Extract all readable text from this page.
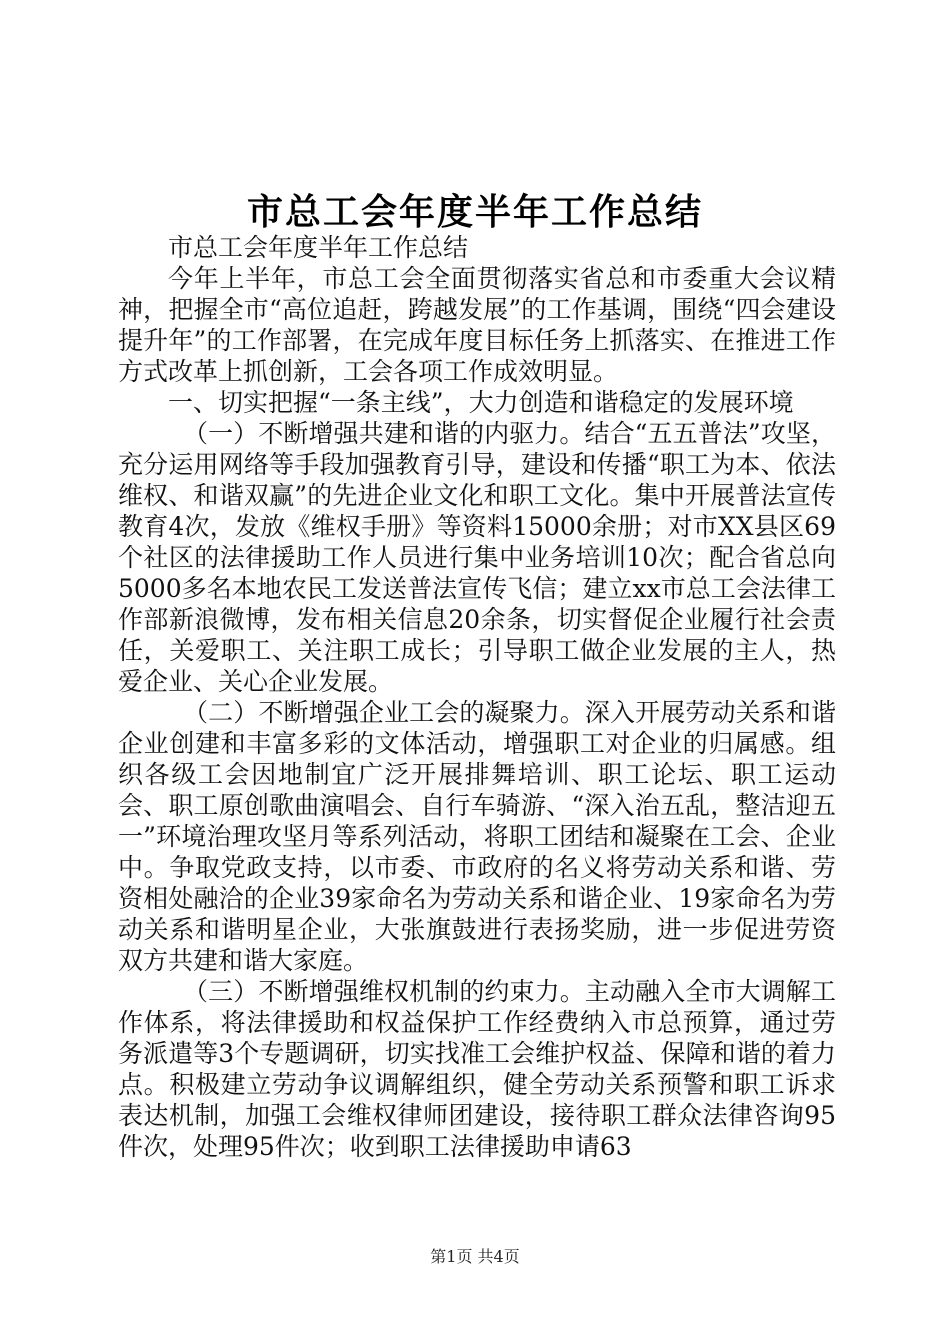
市总工会年度半年工作总结

市总工会年度半年工作总结

今年上半年，市总工会全面贯彻落实省总和市委重大会议精神，把握全市“高位追赶，跨越发展”的工作基调，围绕“四会建设提升年”的工作部署，在完成年度目标任务上抓落实、在推进工作方式改革上抓创新，工会各项工作成效明显。

一、切实把握“一条主线”，大力创造和谐稳定的发展环境

（一）不断增强共建和谐的内驱力。结合“五五普法”攻坚，充分运用网络等手段加强教育引导，建设和传播“职工为本、依法维权、和谐双赢”的先进企业文化和职工文化。集中开展普法宣传教育4次，发放《维权手册》等资料15000余册；对市XX县区69个社区的法律援助工作人员进行集中业务培训10次；配合省总向5000多名本地农民工发送普法宣传飞信；建立xx市总工会法律工作部新浪微博，发布相关信息20余条，切实督促企业履行社会责任，关爱职工、关注职工成长；引导职工做企业发展的主人，热爱企业、关心企业发展。

（二）不断增强企业工会的凝聚力。深入开展劳动关系和谐企业创建和丰富多彩的文体活动，增强职工对企业的归属感。组织各级工会因地制宜广泛开展排舞培训、职工论坛、职工运动会、职工原创歌曲演唱会、自行车骑游、“深入治五乱，整洁迎五一”环境治理攻坚月等系列活动，将职工团结和凝聚在工会、企业中。争取党政支持，以市委、市政府的名义将劳动关系和谐、劳资相处融洽的企业39家命名为劳动关系和谐企业、19家命名为劳动关系和谐明星企业，大张旗鼓进行表扬奖励，进一步促进劳资双方共建和谐大家庭。

（三）不断增强维权机制的约束力。主动融入全市大调解工作体系，将法律援助和权益保护工作经费纳入市总预算，通过劳务派遣等3个专题调研，切实找准工会维护权益、保障和谐的着力点。积极建立劳动争议调解组织，健全劳动关系预警和职工诉求表达机制，加强工会维权律师团建设，接待职工群众法律咨询95件次，处理95件次；收到职工法律援助申请63

第1页 共4页
